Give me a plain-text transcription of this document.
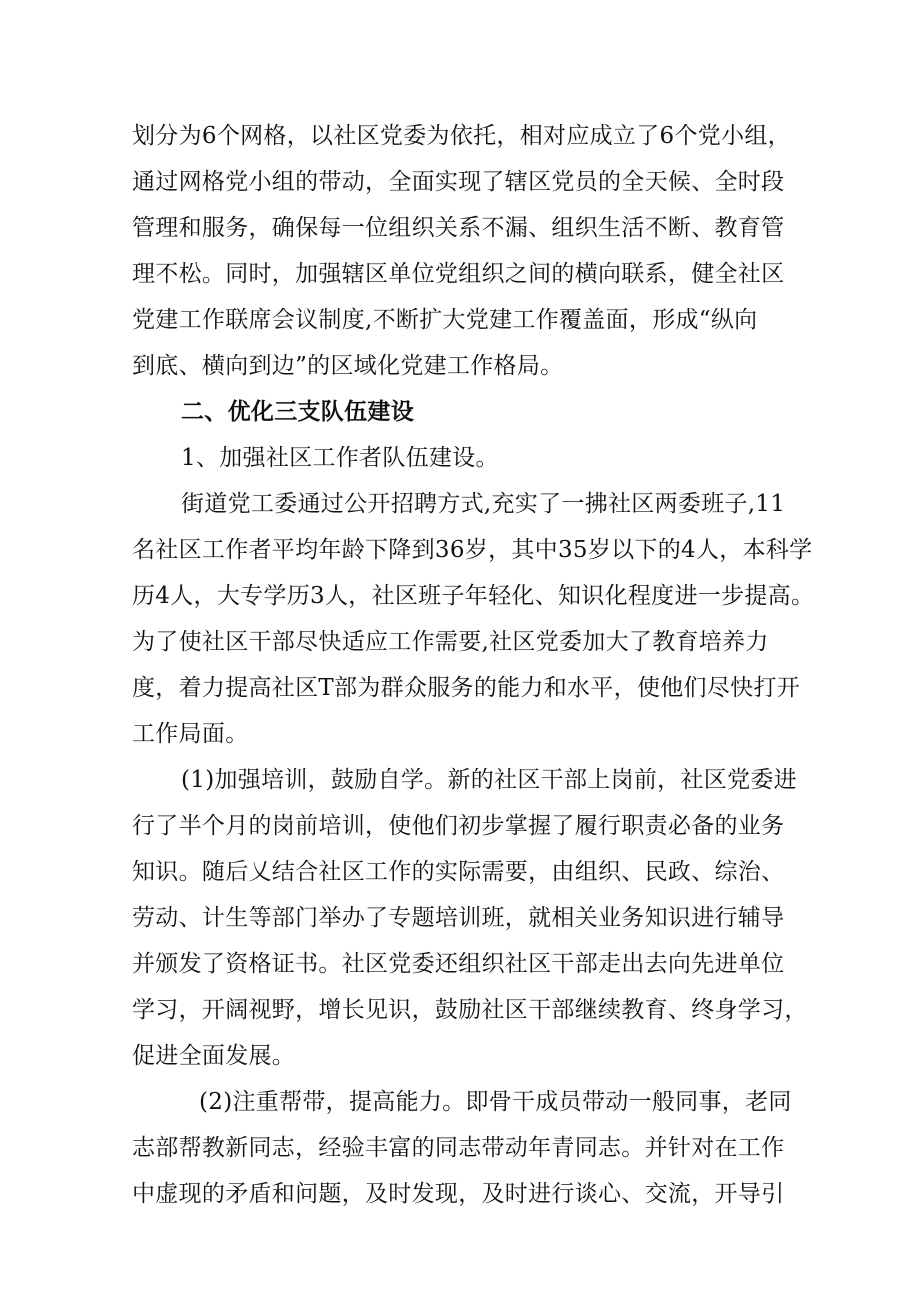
划分为6个网格，以社区党委为依托，相对应成立了6个党小组，
通过网格党小组的带动，全面实现了辖区党员的全天候、全时段
管理和服务，确保每一位组织关系不漏、组织生活不断、教育管
理不松。同时，加强辖区单位党组织之间的横向联系，健全社区
党建工作联席会议制度,不断扩大党建工作覆盖面，形成“纵向
到底、横向到边”的区域化党建工作格局。
二、优化三支队伍建设
1、加强社区工作者队伍建设。
街道党工委通过公开招聘方式,充实了一拂社区两委班子,11
名社区工作者平均年龄下降到36岁，其中35岁以下的4人，本科学
历4人，大专学历3人，社区班子年轻化、知识化程度进一步提高。
为了使社区干部尽快适应工作需要,社区党委加大了教育培养力
度，着力提高社区T部为群众服务的能力和水平，使他们尽快打开
工作局面。
(1)加强培训，鼓励自学。新的社区干部上岗前，社区党委进
行了半个月的岗前培训，使他们初步掌握了履行职责必备的业务
知识。随后乂结合社区工作的实际需要，由组织、民政、综治、
劳动、计生等部门举办了专题培训班，就相关业务知识进行辅导
并颁发了资格证书。社区党委还组织社区干部走出去向先进单位
学习，开阔视野，增长见识，鼓励社区干部继续教育、终身学习，
促进全面发展。
(2)注重帮带，提高能力。即骨干成员带动一般同事，老同
志部帮教新同志，经验丰富的同志带动年青同志。并针对在工作
中虚现的矛盾和问题，及时发现，及时进行谈心、交流，开导引
